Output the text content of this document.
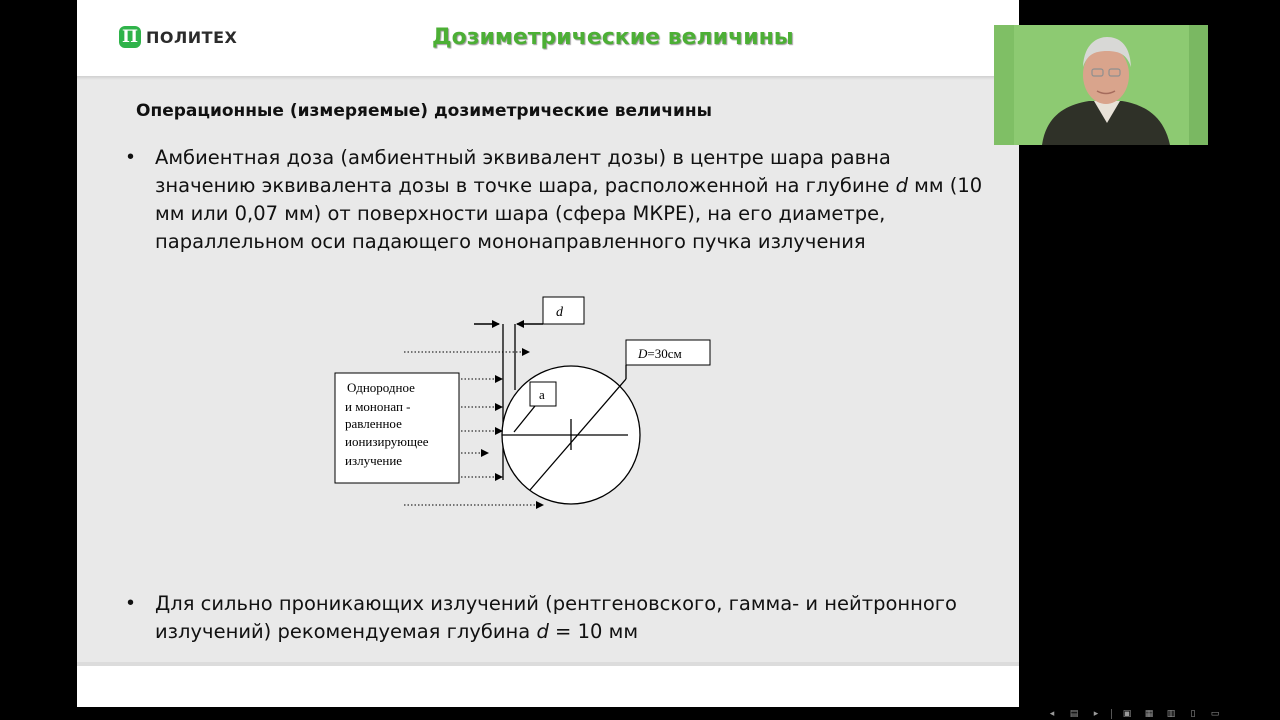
П ПОЛИТЕХ	Дозиметрические величины
Операционные (измеряемые) дозиметрические величины
• Амбиентная доза (амбиентный эквивалент дозы) в центре шара равна значению эквивалента дозы в точке шара, расположенной на глубине d мм (10 мм или 0,07 мм) от поверхности шара (сфера МКРЕ), на его диаметре, параллельном оси падающего мононаправленного пучка излучения
d
D=30см
a
Однородное и мононап - равленное ионизирующее излучение
• Для сильно проникающих излучений (рентгеновского, гамма- и нейтронного излучений) рекомендуемая глубина d = 10 мм
◂	▤	▸	▣	▦	▥	▯	▭
